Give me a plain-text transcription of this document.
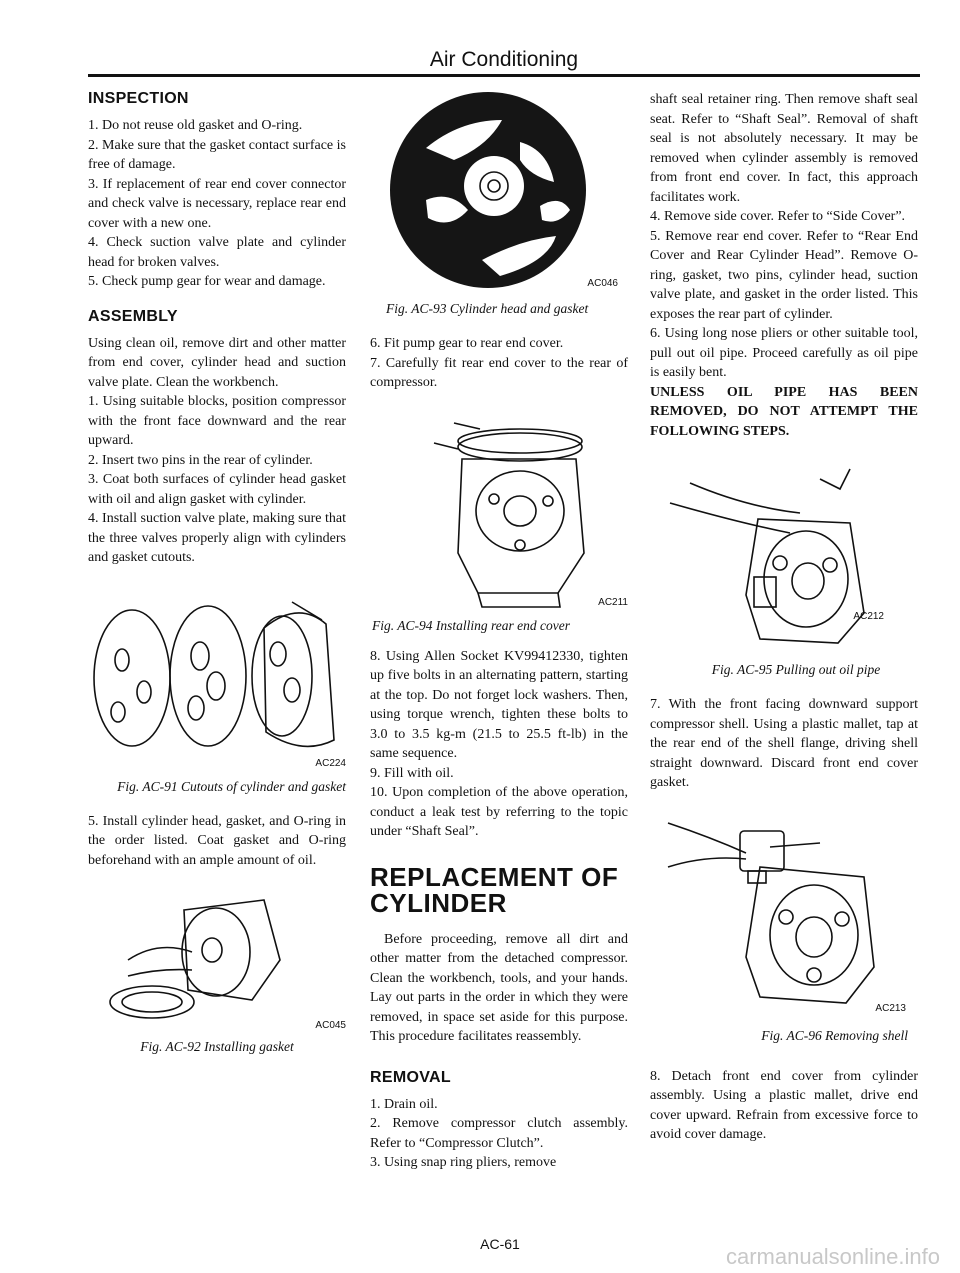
Air Conditioning
INSPECTION

1. Do not reuse old gasket and O-ring.

2. Make sure that the gasket contact surface is free of damage.

3. If replacement of rear end cover connector and check valve is necessary, replace rear end cover with a new one.

4. Check suction valve plate and cylinder head for broken valves.

5. Check pump gear for wear and damage.

ASSEMBLY

Using clean oil, remove dirt and other matter from end cover, cylinder head and suction valve plate. Clean the workbench.

1. Using suitable blocks, position compressor with the front face downward and the rear upward.

2. Insert two pins in the rear of cylinder.

3. Coat both surfaces of cylinder head gasket with oil and align gasket with cylinder.

4. Install suction valve plate, making sure that the three valves properly align with cylinders and gasket cutouts.

AC224

Fig. AC-91 Cutouts of cylinder and gasket

5. Install cylinder head, gasket, and O-ring in the order listed. Coat gasket and O-ring beforehand with an ample amount of oil.

AC045

Fig. AC-92 Installing gasket

AC046

Fig. AC-93 Cylinder head and gasket

6. Fit pump gear to rear end cover.

7. Carefully fit rear end cover to the rear of compressor.

AC211

Fig. AC-94 Installing rear end cover

8. Using Allen Socket KV99412330, tighten up five bolts in an alternating pattern, starting at the top. Do not forget lock washers. Then, using torque wrench, tighten these bolts to 3.0 to 3.5 kg-m (21.5 to 25.5 ft-lb) in the same sequence.

9. Fill with oil.

10. Upon completion of the above operation, conduct a leak test by referring to the topic under “Shaft Seal”.

REPLACEMENT OF CYLINDER

Before proceeding, remove all dirt and other matter from the detached compressor. Clean the workbench, tools, and your hands. Lay out parts in the order in which they were removed, in space set aside for this purpose. This procedure facilitates reassembly.

REMOVAL

1. Drain oil.

2. Remove compressor clutch assembly. Refer to “Compressor Clutch”.

3. Using snap ring pliers, remove

shaft seal retainer ring. Then remove shaft seal seat. Refer to “Shaft Seal”. Removal of shaft seal is not absolutely necessary. It may be removed when cylinder assembly is removed from front end cover. In fact, this approach facilitates work.

4. Remove side cover. Refer to “Side Cover”.

5. Remove rear end cover. Refer to “Rear End Cover and Rear Cylinder Head”. Remove O-ring, gasket, two pins, cylinder head, suction valve plate, and gasket in the order listed. This exposes the rear part of cylinder.

6. Using long nose pliers or other suitable tool, pull out oil pipe. Proceed carefully as oil pipe is easily bent.

UNLESS OIL PIPE HAS BEEN REMOVED, DO NOT ATTEMPT THE FOLLOWING STEPS.

AC212

Fig. AC-95 Pulling out oil pipe

7. With the front facing downward support compressor shell. Using a plastic mallet, tap at the rear end of the shell flange, driving shell straight downward. Discard front end cover gasket.

AC213

Fig. AC-96 Removing shell

8. Detach front end cover from cylinder assembly. Using a plastic mallet, drive end cover upward. Refrain from excessive force to avoid cover damage.

AC-61	carmanualsonline.info
